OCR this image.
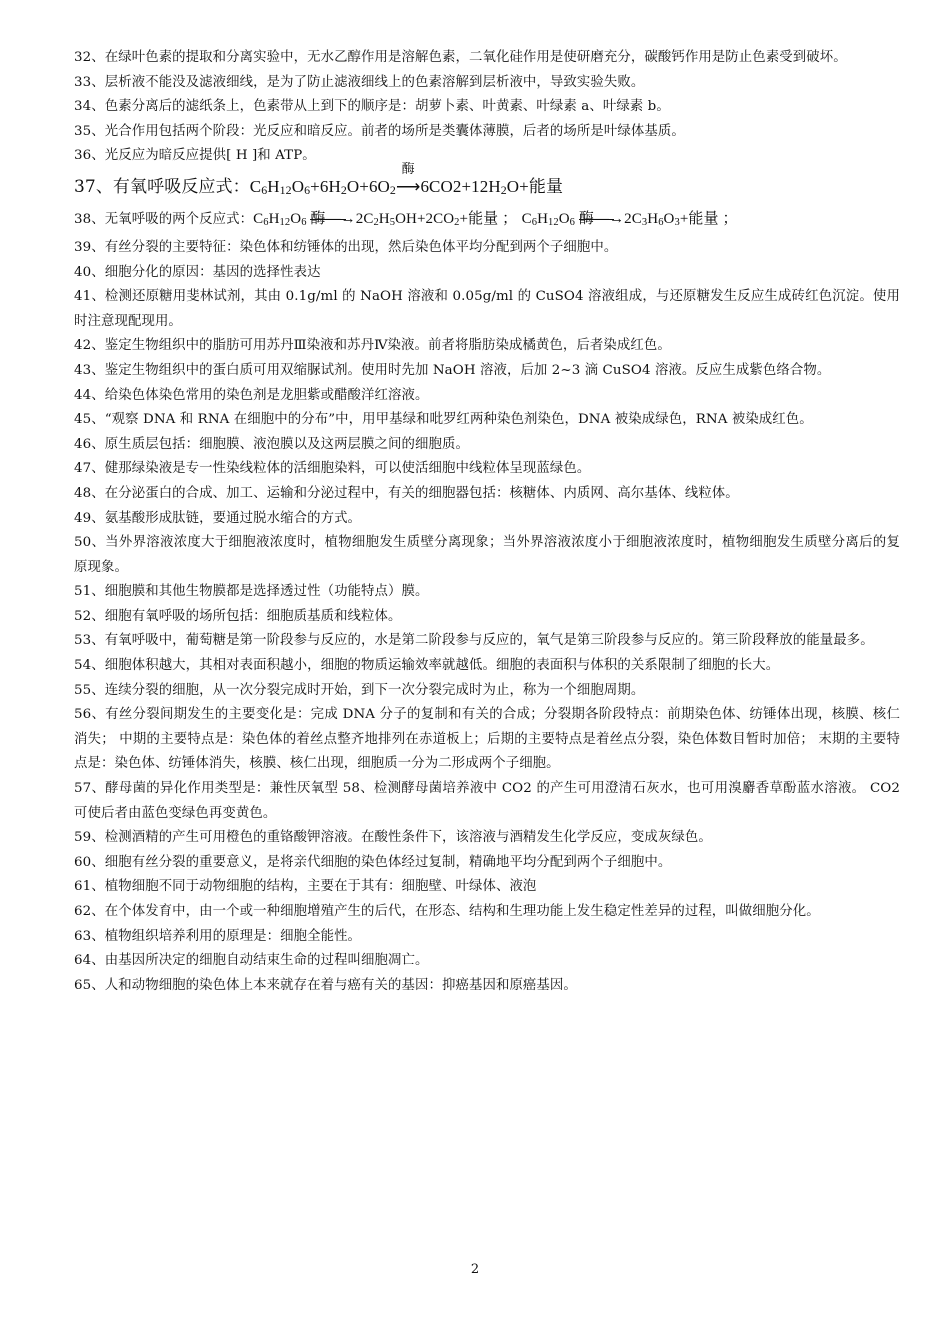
32、在绿叶色素的提取和分离实验中，无水乙醇作用是溶解色素，二氧化硅作用是使研磨充分，碳酸钙作用是防止色素受到破坏。
33、层析液不能没及滤液细线，是为了防止滤液细线上的色素溶解到层析液中，导致实验失败。
34、色素分离后的滤纸条上，色素带从上到下的顺序是：胡萝卜素、叶黄素、叶绿素 a、叶绿素 b。
35、光合作用包括两个阶段：光反应和暗反应。前者的场所是类囊体薄膜，后者的场所是叶绿体基质。
36、光反应为暗反应提供[ H ]和 ATP。
37、有氧呼吸反应式：$C_6H_{12}O_6+6H_2O+6O_2$
酶
$⟶6CO2+12H_2O+$能量
38、无氧呼吸的两个反应式：$C_6H_{12}O_6$ 酶—→
$2C_2H_5OH+2CO_2+$能量 ； $C_6H_{12}O_6$ 酶—→
$2C_3H_6O_3+$能量 ；
39、有丝分裂的主要特征：染色体和纺锤体的出现，然后染色体平均分配到两个子细胞中。
40、细胞分化的原因：基因的选择性表达
41、检测还原糖用斐林试剂，其由 0.1g/ml 的 NaOH 溶液和 0.05g/ml 的 CuSO4 溶液组成，与还原糖发生反应生成砖红色沉淀。使用时注意现配现用。
42、鉴定生物组织中的脂肪可用苏丹Ⅲ染液和苏丹Ⅳ染液。前者将脂肪染成橘黄色，后者染成红色。
43、鉴定生物组织中的蛋白质可用双缩脲试剂。使用时先加 NaOH 溶液，后加 2~3 滴 CuSO4 溶液。反应生成紫色络合物。
44、给染色体染色常用的染色剂是龙胆紫或醋酸洋红溶液。
45、“观察 DNA 和 RNA 在细胞中的分布”中，用甲基绿和吡罗红两种染色剂染色，DNA 被染成绿色，RNA 被染成红色。
46、原生质层包括：细胞膜、液泡膜以及这两层膜之间的细胞质。
47、健那绿染液是专一性染线粒体的活细胞染料，可以使活细胞中线粒体呈现蓝绿色。
48、在分泌蛋白的合成、加工、运输和分泌过程中，有关的细胞器包括：核糖体、内质网、高尔基体、线粒体。
49、氨基酸形成肽链，要通过脱水缩合的方式。
50、当外界溶液浓度大于细胞液浓度时，植物细胞发生质壁分离现象；当外界溶液浓度小于细胞液浓度时，植物细胞发生质壁分离后的复原现象。
51、细胞膜和其他生物膜都是选择透过性（功能特点）膜。
52、细胞有氧呼吸的场所包括：细胞质基质和线粒体。
53、有氧呼吸中，葡萄糖是第一阶段参与反应的，水是第二阶段参与反应的，氧气是第三阶段参与反应的。第三阶段释放的能量最多。
54、细胞体积越大，其相对表面积越小，细胞的物质运输效率就越低。细胞的表面积与体积的关系限制了细胞的长大。
55、连续分裂的细胞，从一次分裂完成时开始，到下一次分裂完成时为止，称为一个细胞周期。
56、有丝分裂间期发生的主要变化是：完成 DNA 分子的复制和有关的合成；分裂期各阶段特点：前期染色体、纺锤体出现，核膜、核仁消失； 中期的主要特点是：染色体的着丝点整齐地排列在赤道板上；后期的主要特点是着丝点分裂，染色体数目暂时加倍； 末期的主要特点是：染色体、纺锤体消失，核膜、核仁出现，细胞质一分为二形成两个子细胞。
57、酵母菌的异化作用类型是：兼性厌氧型 58、检测酵母菌培养液中 CO2 的产生可用澄清石灰水，也可用溴麝香草酚蓝水溶液。 CO2 可使后者由蓝色变绿色再变黄色。
59、检测酒精的产生可用橙色的重铬酸钾溶液。在酸性条件下，该溶液与酒精发生化学反应，变成灰绿色。
60、细胞有丝分裂的重要意义，是将亲代细胞的染色体经过复制，精确地平均分配到两个子细胞中。
61、植物细胞不同于动物细胞的结构，主要在于其有：细胞壁、叶绿体、液泡
62、在个体发育中，由一个或一种细胞增殖产生的后代，在形态、结构和生理功能上发生稳定性差异的过程，叫做细胞分化。
63、植物组织培养利用的原理是：细胞全能性。
64、由基因所决定的细胞自动结束生命的过程叫细胞凋亡。
65、人和动物细胞的染色体上本来就存在着与癌有关的基因：抑癌基因和原癌基因。
2
